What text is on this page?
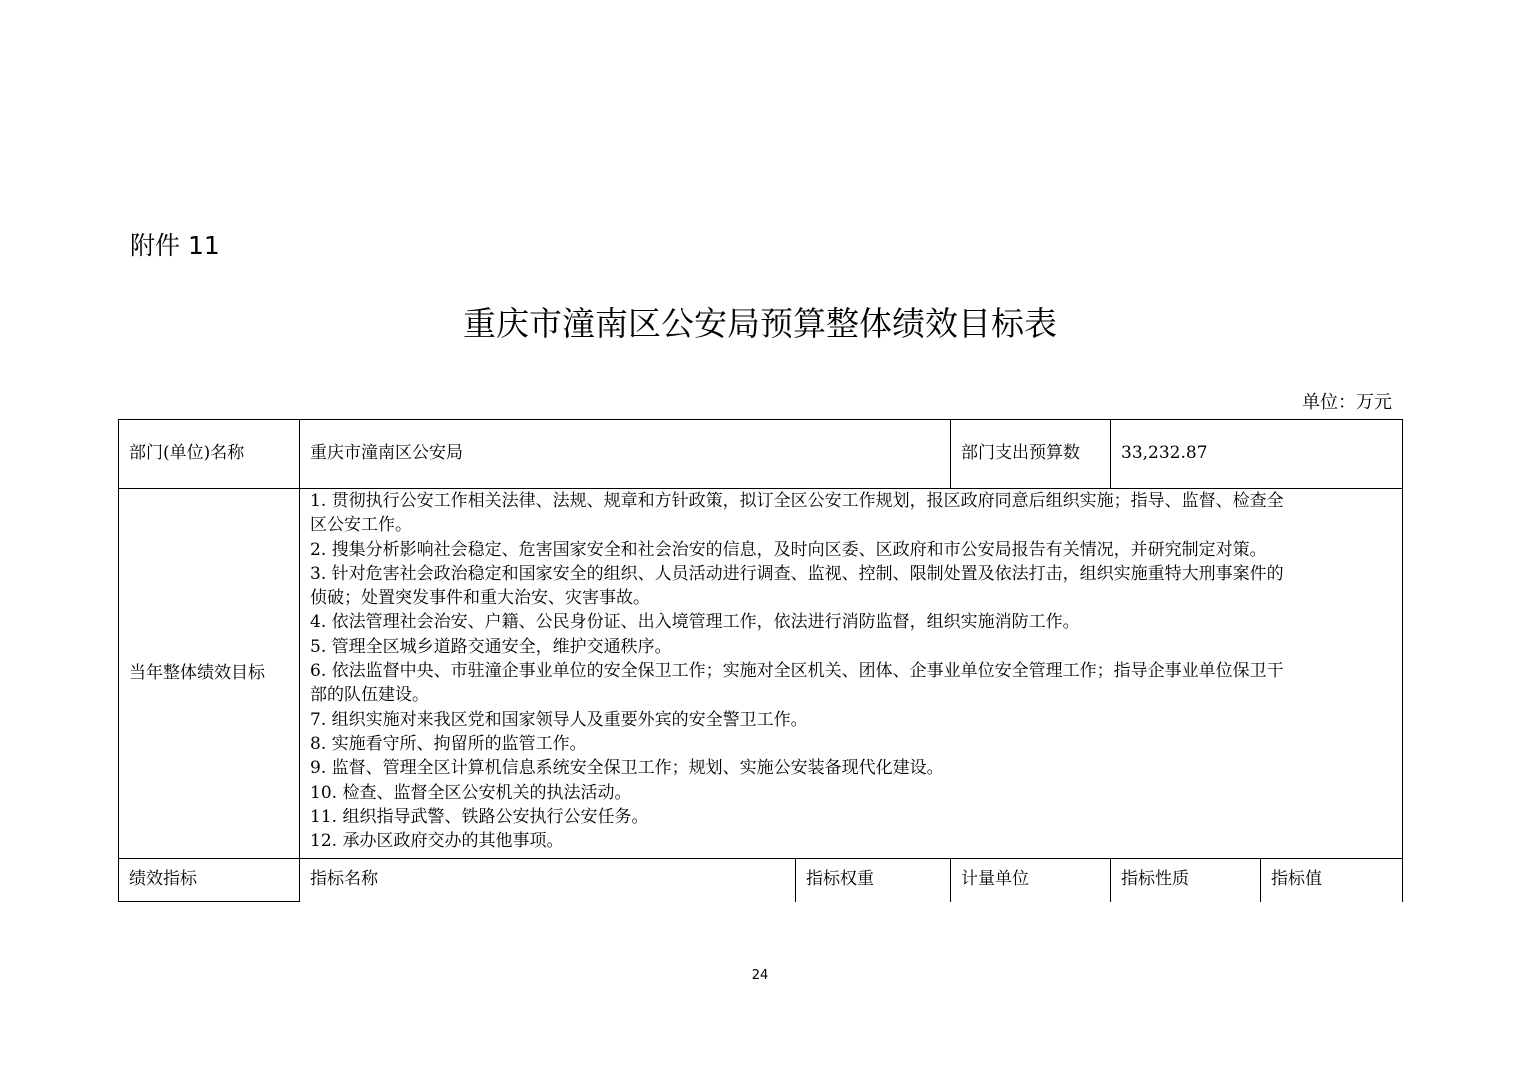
附件 11
重庆市潼南区公安局预算整体绩效目标表
单位：万元
部门(单位)名称	重庆市潼南区公安局	部门支出预算数 33,232.87
当年整体绩效目标
1. 贯彻执行公安工作相关法律、法规、规章和方针政策，拟订全区公安工作规划，报区政府同意后组织实施；指导、监督、检查全
区公安工作。
2. 搜集分析影响社会稳定、危害国家安全和社会治安的信息，及时向区委、区政府和市公安局报告有关情况，并研究制定对策。
3. 针对危害社会政治稳定和国家安全的组织、人员活动进行调查、监视、控制、限制处置及依法打击，组织实施重特大刑事案件的
侦破；处置突发事件和重大治安、灾害事故。
4. 依法管理社会治安、户籍、公民身份证、出入境管理工作，依法进行消防监督，组织实施消防工作。
5. 管理全区城乡道路交通安全，维护交通秩序。
6. 依法监督中央、市驻潼企事业单位的安全保卫工作；实施对全区机关、团体、企事业单位安全管理工作；指导企事业单位保卫干
部的队伍建设。
7. 组织实施对来我区党和国家领导人及重要外宾的安全警卫工作。
8. 实施看守所、拘留所的监管工作。
9. 监督、管理全区计算机信息系统安全保卫工作；规划、实施公安装备现代化建设。
10. 检查、监督全区公安机关的执法活动。
11. 组织指导武警、铁路公安执行公安任务。
12. 承办区政府交办的其他事项。
绩效指标	指标名称	指标权重	计量单位	指标性质	指标值
24
